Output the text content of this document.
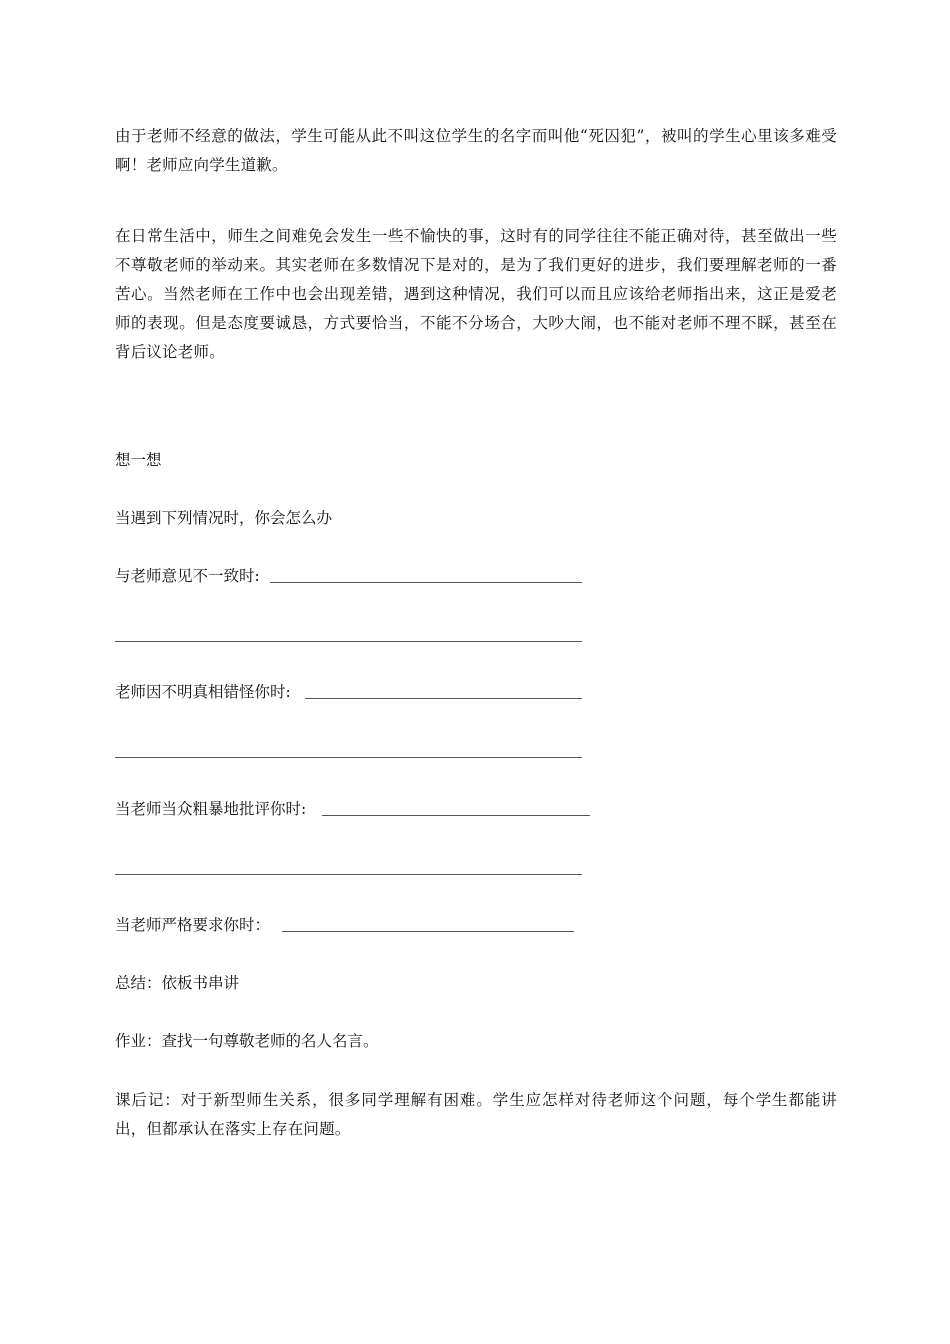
由于老师不经意的做法，学生可能从此不叫这位学生的名字而叫他“死囚犯”，被叫的学生心里该多难受啊！老师应向学生道歉。

在日常生活中，师生之间难免会发生一些不愉快的事，这时有的同学往往不能正确对待，甚至做出一些不尊敬老师的举动来。其实老师在多数情况下是对的，是为了我们更好的进步，我们要理解老师的一番苦心。当然老师在工作中也会出现差错，遇到这种情况，我们可以而且应该给老师指出来，这正是爱老师的表现。但是态度要诚恳，方式要恰当，不能不分场合，大吵大闹，也不能对老师不理不睬，甚至在背后议论老师。

想一想

当遇到下列情况时，你会怎么办

与老师意见不一致时:

老师因不明真相错怪你时:

当老师当众粗暴地批评你时:

当老师严格要求你时：

总结：依板书串讲

作业：查找一句尊敬老师的名人名言。

课后记：对于新型师生关系，很多同学理解有困难。学生应怎样对待老师这个问题，每个学生都能讲出，但都承认在落实上存在问题。
